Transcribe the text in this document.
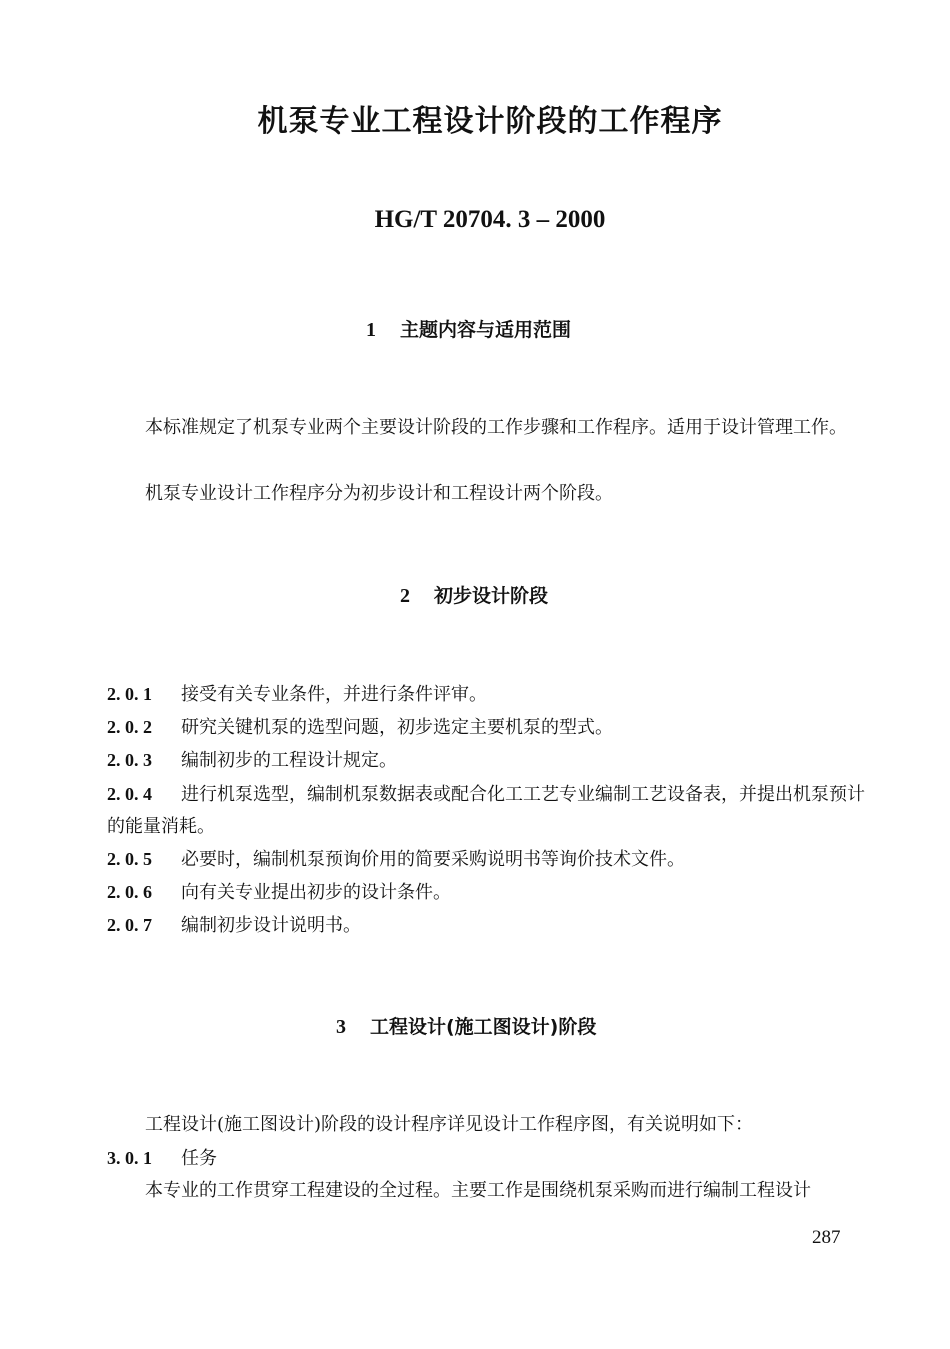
机泵专业工程设计阶段的工作程序
HG/T 20704. 3 – 2000
1 主题内容与适用范围
本标准规定了机泵专业两个主要设计阶段的工作步骤和工作程序。适用于设计管理工作。
机泵专业设计工作程序分为初步设计和工程设计两个阶段。
2 初步设计阶段
2. 0. 1 接受有关专业条件，并进行条件评审。
2. 0. 2 研究关键机泵的选型问题，初步选定主要机泵的型式。
2. 0. 3 编制初步的工程设计规定。
2. 0. 4 进行机泵选型，编制机泵数据表或配合化工工艺专业编制工艺设备表，并提出机泵预计的能量消耗。
2. 0. 5 必要时，编制机泵预询价用的简要采购说明书等询价技术文件。
2. 0. 6 向有关专业提出初步的设计条件。
2. 0. 7 编制初步设计说明书。
3 工程设计(施工图设计)阶段
工程设计(施工图设计)阶段的设计程序详见设计工作程序图，有关说明如下：
3. 0. 1 任务
本专业的工作贯穿工程建设的全过程。主要工作是围绕机泵采购而进行编制工程设计
287
